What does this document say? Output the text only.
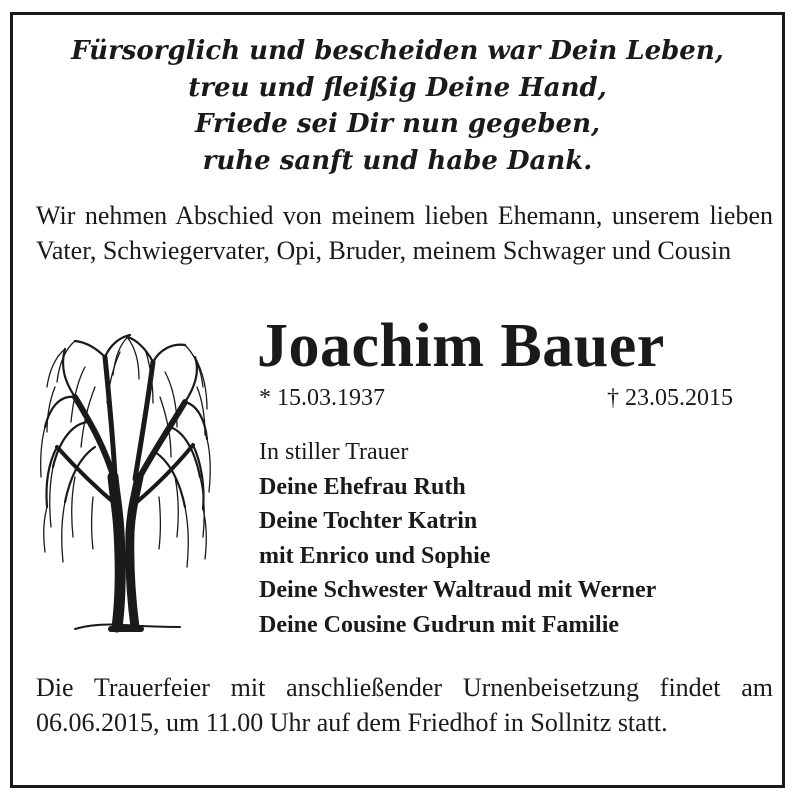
Fürsorglich und bescheiden war Dein Leben,
treu und fleißig Deine Hand,
Friede sei Dir nun gegeben,
ruhe sanft und habe Dank.
Wir nehmen Abschied von meinem lieben Ehemann, unserem lieben Vater, Schwiegervater, Opi, Bruder, meinem Schwager und Cousin
Joachim Bauer
* 15.03.1937	† 23.05.2015
In stiller Trauer
Deine Ehefrau Ruth
Deine Tochter Katrin
mit Enrico und Sophie
Deine Schwester Waltraud mit Werner
Deine Cousine Gudrun mit Familie
Die Trauerfeier mit anschließender Urnenbeisetzung findet am 06.06.2015, um 11.00 Uhr auf dem Friedhof in Sollnitz statt.
